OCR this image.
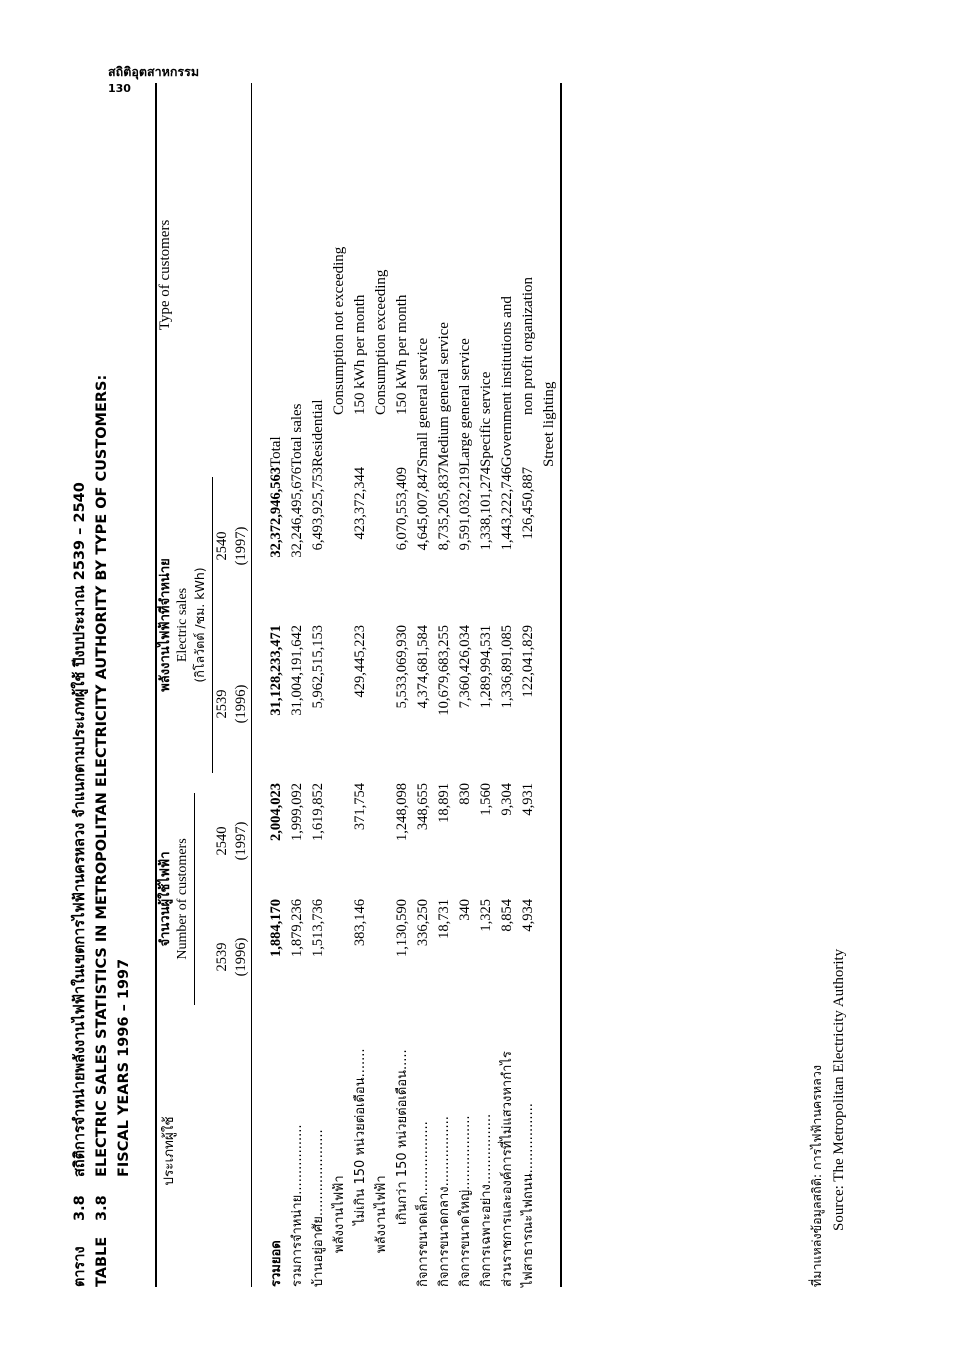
สถิติอุตสาหกรรม
130
ตาราง
3.8
สถิติการจำหน่ายพลังงานไฟฟ้าในเขตการไฟฟ้านครหลวง จำแนกตามประเภทผู้ใช้ ปีงบประมาณ 2539 – 2540
TABLE
3.8
ELECTRIC SALES STATISTICS IN METROPOLITAN ELECTRICITY AUTHORITY BY TYPE OF CUSTOMERS: FISCAL YEARS 1996 – 1997 ประเภทผู้ใช้	จำนวนผู้ใช้ไฟฟ้า Number of customers		พลังงานไฟฟ้าที่จำหน่าย Electric sales (กิโลวัตต์ /ชม. kWh)		Type of customers
	2539 (1996)	2540 (1997)	2539 (1996)	2540 (1997)	

รวมยอด	1,884,170	2,004,023	31,128,233,471	32,372,946,563	Total
รวมการจำหน่าย.................	1,879,236	1,999,092	31,004,191,642	32,246,495,676	Total sales
บ้านอยู่อาศัย.....................	1,513,736	1,619,852	5,962,515,153	6,493,925,753	Residential
พลังงานไฟฟ้า					Consumption not exceeding
ไม่เกิน 150 หน่วยต่อเดือน.......	383,146	371,754	429,445,223	423,372,344	150 kWh per month
พลังงานไฟฟ้า					Consumption exceeding
เกินกว่า 150 หน่วยต่อเดือน.....	1,130,590	1,248,098	5,533,069,930	6,070,553,409	150 kWh per month
กิจการขนาดเล็ก..................	336,250	348,655	4,374,681,584	4,645,007,847	Small general service
กิจการขนาดกลาง.................	18,731	18,891	10,679,683,255	8,735,205,837	Medium general service
กิจการขนาดใหญ่..................	340	830	7,360,426,034	9,591,032,219	Large general service
กิจการเฉพาะอย่าง.................	1,325	1,560	1,289,994,531	1,338,101,274	Specific service
ส่วนราชการและองค์การที่ไม่แสวงหากำไร	8,854	9,304	1,336,891,085	1,443,222,746	Government institutions and
ไฟสาธารณะไฟถนน.................	4,934	4,931	122,041,829	126,450,887	non profit organization
					Street lighting
ที่มาแหล่งข้อมูลสถิติ: การไฟฟ้านครหลวง Source: The Metropolitan Electricity Authority
